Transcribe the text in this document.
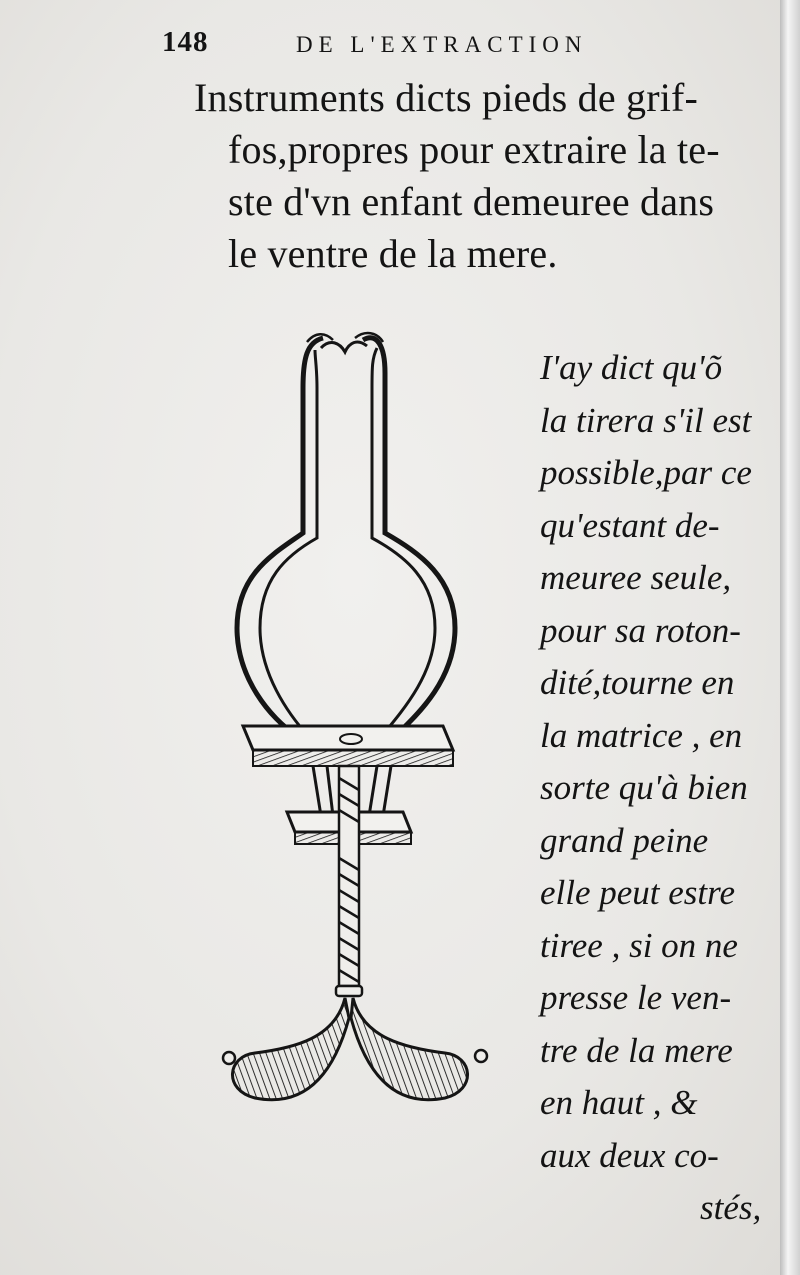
148	DE L'EXTRACTION
Instruments dicts pieds de grif-
fos,propres pour extraire la te-
ste d'vn enfant demeuree dans
le ventre de la mere.
I'ay dict qu'õ
la tirera s'il est
possible,par ce
qu'estant de-
meuree seule,
pour sa roton-
dité,tourne en
la matrice , en
sorte qu'à bien
grand peine
elle peut estre
tiree , si on ne
presse le ven-
tre de la mere
en haut , &
aux deux co-
stés,
